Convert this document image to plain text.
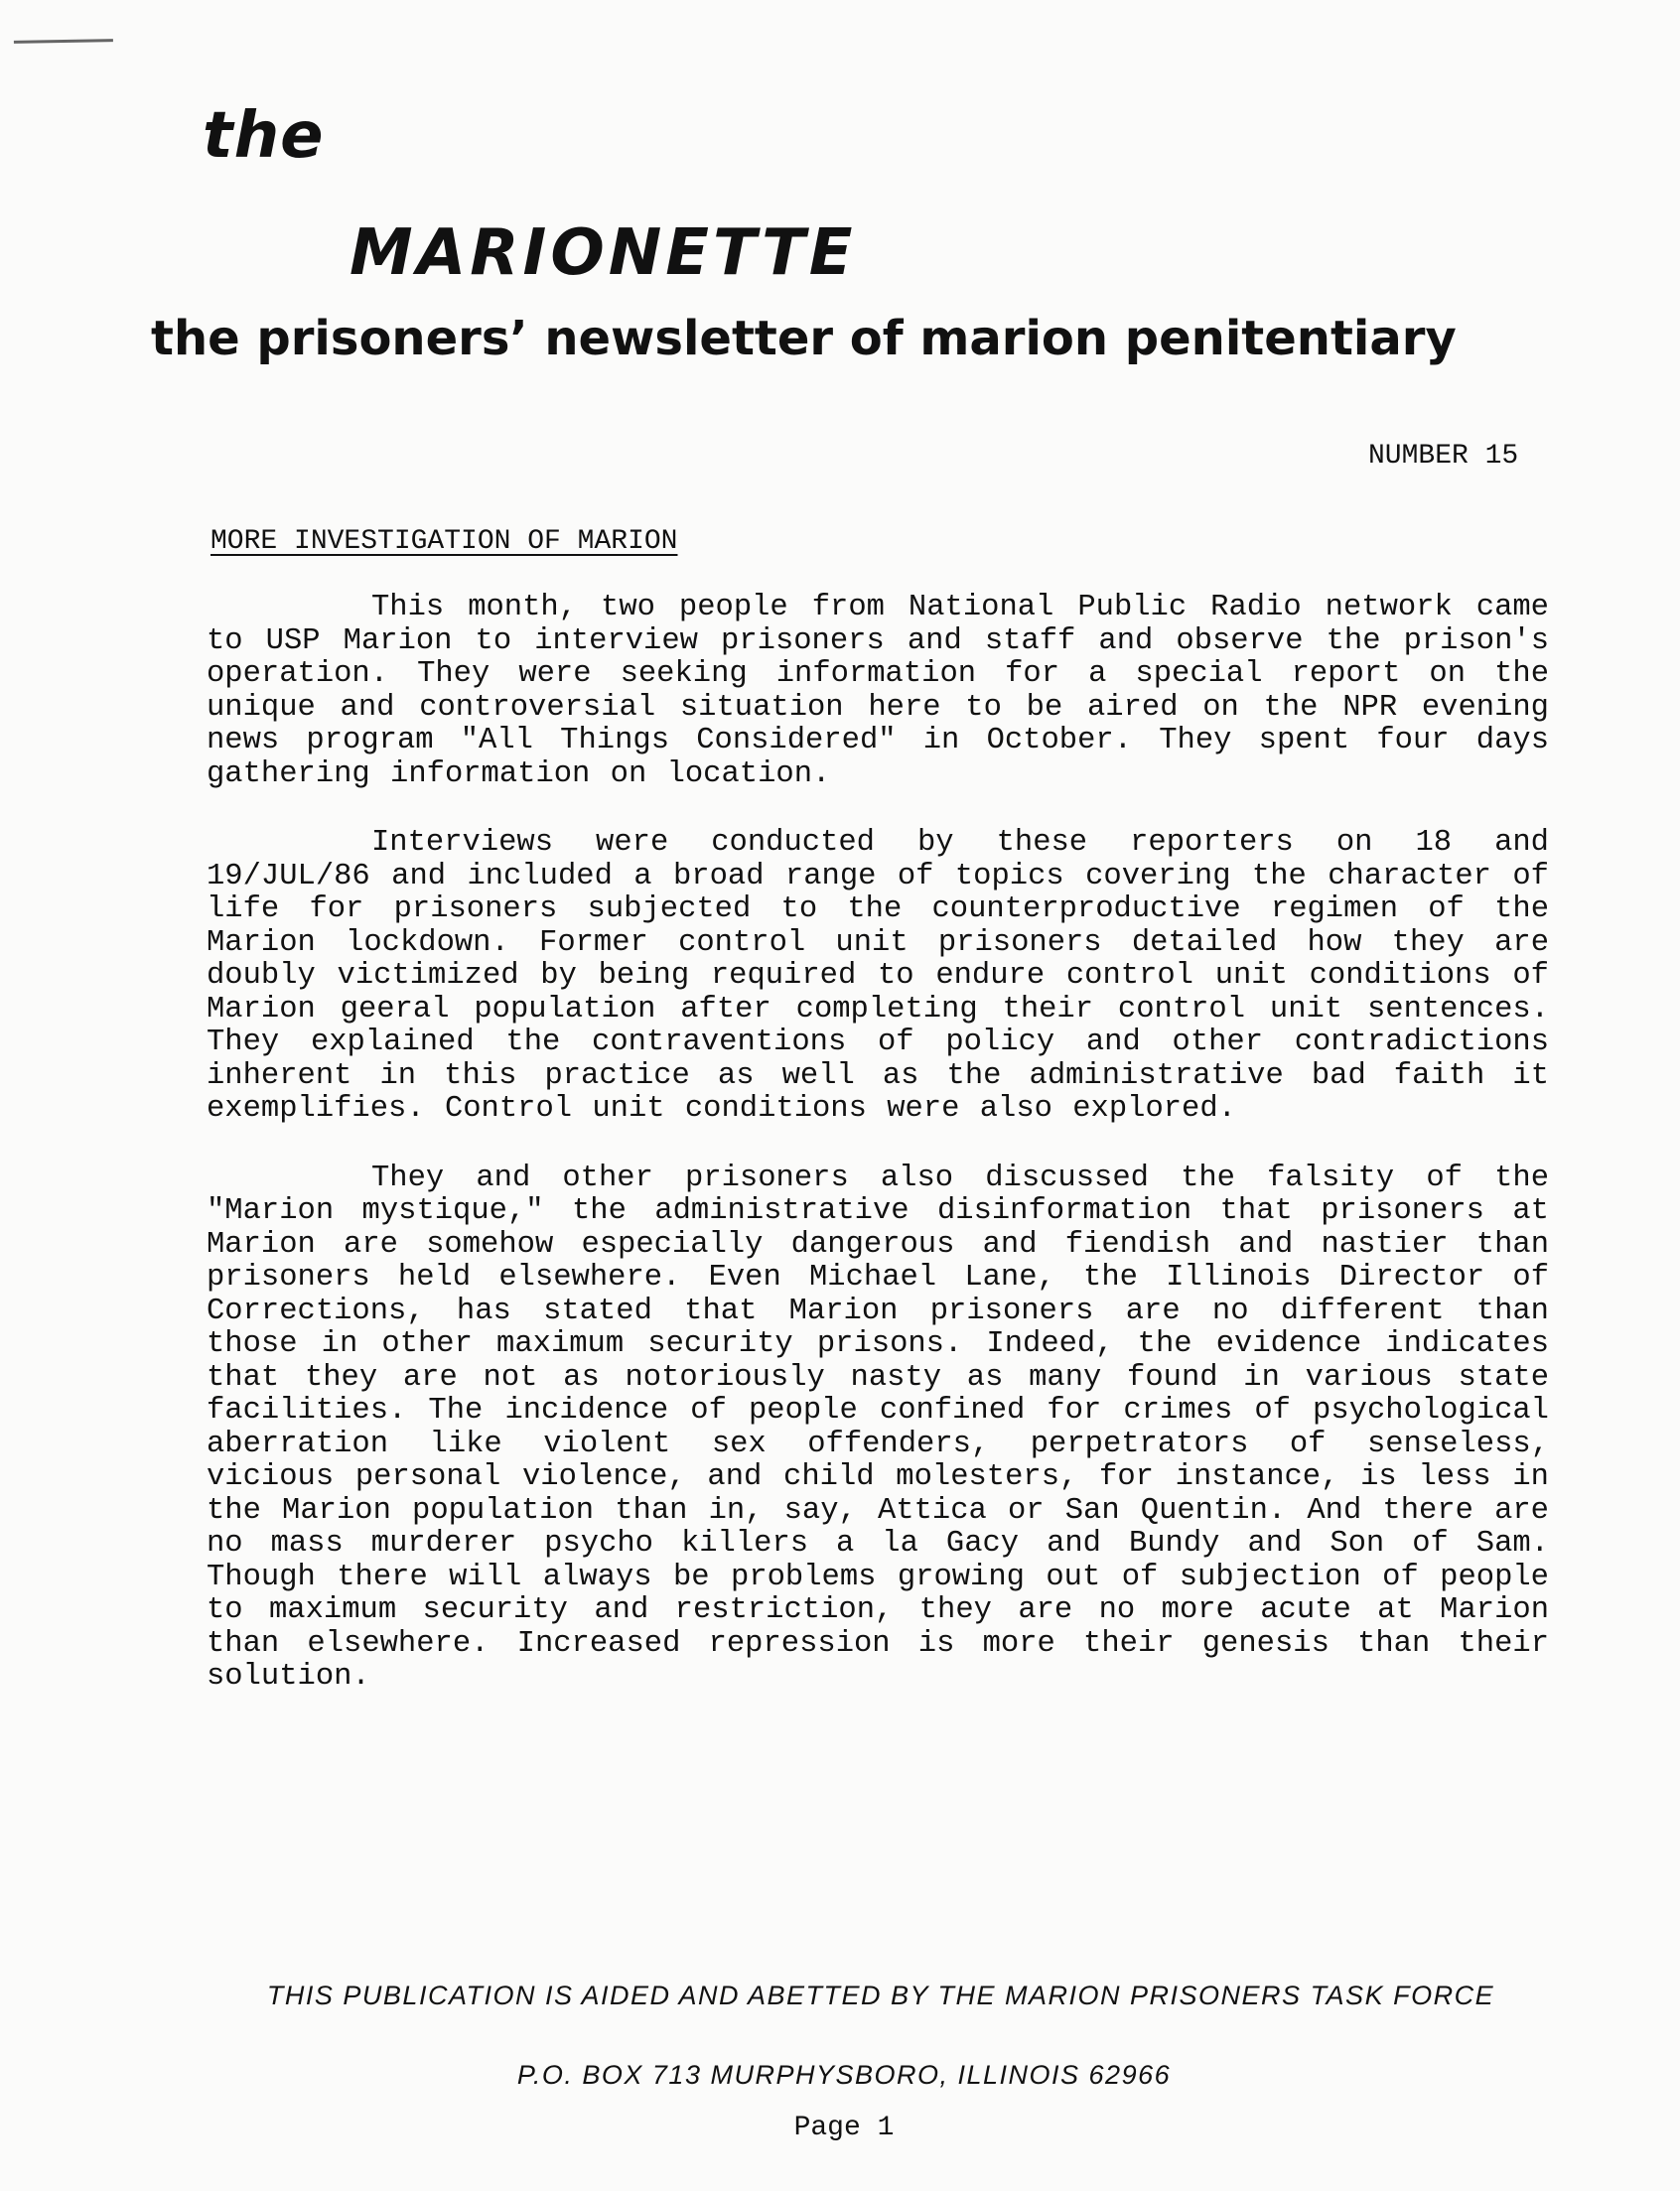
the
MARIONETTE
the prisoners’ newsletter of marion penitentiary
NUMBER 15
MORE INVESTIGATION OF MARION

This month, two people from National Public Radio network came to USP Marion to interview prisoners and staff and observe the prison's operation. They were seeking information for a special report on the unique and controversial situation here to be aired on the NPR evening news program "All Things Considered" in October. They spent four days gathering information on location.

Interviews were conducted by these reporters on 18 and 19/JUL/86 and included a broad range of topics covering the character of life for prisoners subjected to the counterproductive regimen of the Marion lockdown. Former control unit prisoners detailed how they are doubly victimized by being required to endure control unit conditions of Marion geeral population after completing their control unit sentences. They explained the contraventions of policy and other contradictions inherent in this practice as well as the administrative bad faith it exemplifies. Control unit conditions were also explored.

They and other prisoners also discussed the falsity of the "Marion mystique," the administrative disinformation that prisoners at Marion are somehow especially dangerous and fiendish and nastier than prisoners held elsewhere. Even Michael Lane, the Illinois Director of Corrections, has stated that Marion prisoners are no different than those in other maximum security prisons. Indeed, the evidence indicates that they are not as notoriously nasty as many found in various state facilities. The incidence of people confined for crimes of psychological aberration like violent sex offenders, perpetrators of senseless, vicious personal violence, and child molesters, for instance, is less in the Marion population than in, say, Attica or San Quentin. And there are no mass murderer psycho killers a la Gacy and Bundy and Son of Sam. Though there will always be problems growing out of subjection of people to maximum security and restriction, they are no more acute at Marion than elsewhere. Increased repression is more their genesis than their solution.

THIS PUBLICATION IS AIDED AND ABETTED BY THE MARION PRISONERS TASK FORCE
P.O. BOX 713 MURPHYSBORO, ILLINOIS 62966
Page 1
